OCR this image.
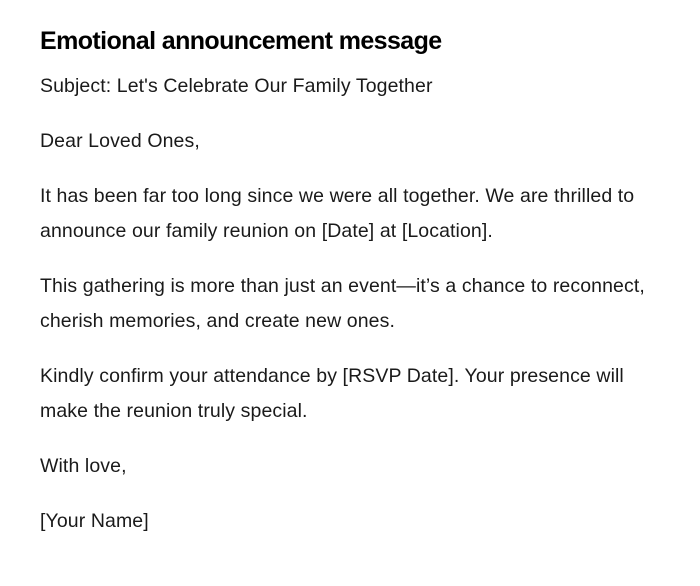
Emotional announcement message

Subject: Let's Celebrate Our Family Together

Dear Loved Ones,

It has been far too long since we were all together. We are thrilled to announce our family reunion on [Date] at [Location].

This gathering is more than just an event—it’s a chance to reconnect, cherish memories, and create new ones.

Kindly confirm your attendance by [RSVP Date]. Your presence will make the reunion truly special.

With love,

[Your Name]
